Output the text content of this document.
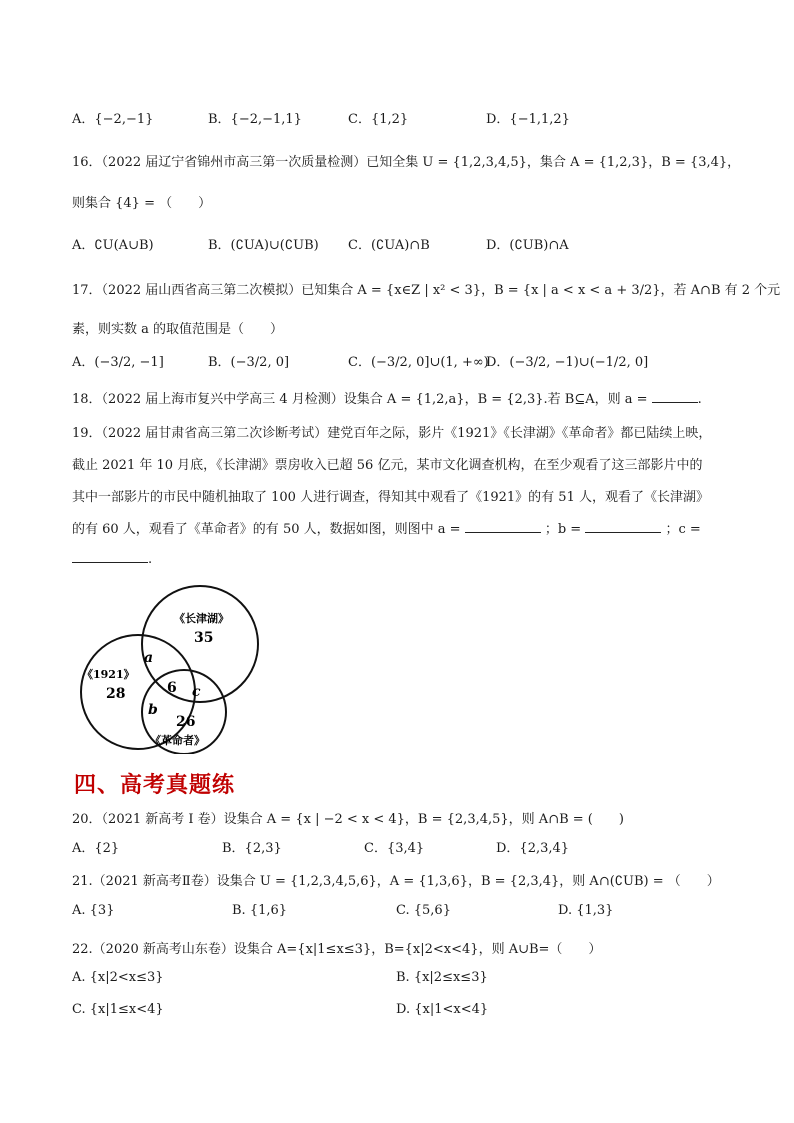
A．{−2,−1}	B．{−2,−1,1}	C．{1,2}	D．{−1,1,2}
16．（2022 届辽宁省锦州市高三第一次质量检测）已知全集 U = {1,2,3,4,5}，集合 A = {1,2,3}，B = {3,4}，
则集合 {4} = （　　）
A．∁U(A∪B)	B．(∁UA)∪(∁UB) C．(∁UA)∩B	D．(∁UB)∩A
17．（2022 届山西省高三第二次模拟）已知集合 A = {x∈Z | x² < 3}，B = {x | a < x < a + 3/2}，若 A∩B 有 2 个元
素，则实数 a 的取值范围是（　　）
A．(−3/2, −1]	B．(−3/2, 0]	C．(−3/2, 0]∪(1, +∞)
D．(−3/2, −1)∪(−1/2, 0]
18．（2022 届上海市复兴中学高三 4 月检测）设集合 A = {1,2,a}，B = {2,3}.若 B⊆A，则 a =	.
19．（2022 届甘肃省高三第二次诊断考试）建党百年之际，影片《1921》《长津湖》《革命者》都已陆续上映，
截止 2021 年 10 月底，《长津湖》票房收入已超 56 亿元，某市文化调查机构，在至少观看了这三部影片中的
其中一部影片的市民中随机抽取了 100 人进行调查，得知其中观看了《1921》的有 51 人，观看了《长津湖》
的有 60 人，观看了《革命者》的有 50 人，数据如图，则图中 a =	；b =	；c =
.
《长津湖》
35
《1921》
28
a
6 c
b
26
《革命者》
四、高考真题练
20．（2021 新高考 I 卷）设集合 A = {x | −2 < x < 4}，B = {2,3,4,5}，则 A∩B = (　　)
A．{2}	B．{2,3}	C．{3,4}	D．{2,3,4}
21.（2021 新高考Ⅱ卷）设集合 U = {1,2,3,4,5,6}，A = {1,3,6}，B = {2,3,4}，则 A∩(∁UB) = （　　）
A. {3}	B. {1,6}	C. {5,6}	D. {1,3}
22.（2020 新高考山东卷）设集合 A={x|1≤x≤3}，B={x|2<x<4}，则 A∪B=（　　）
A. {x|2<x≤3}	B. {x|2≤x≤3}
C. {x|1≤x<4}	D. {x|1<x<4}
